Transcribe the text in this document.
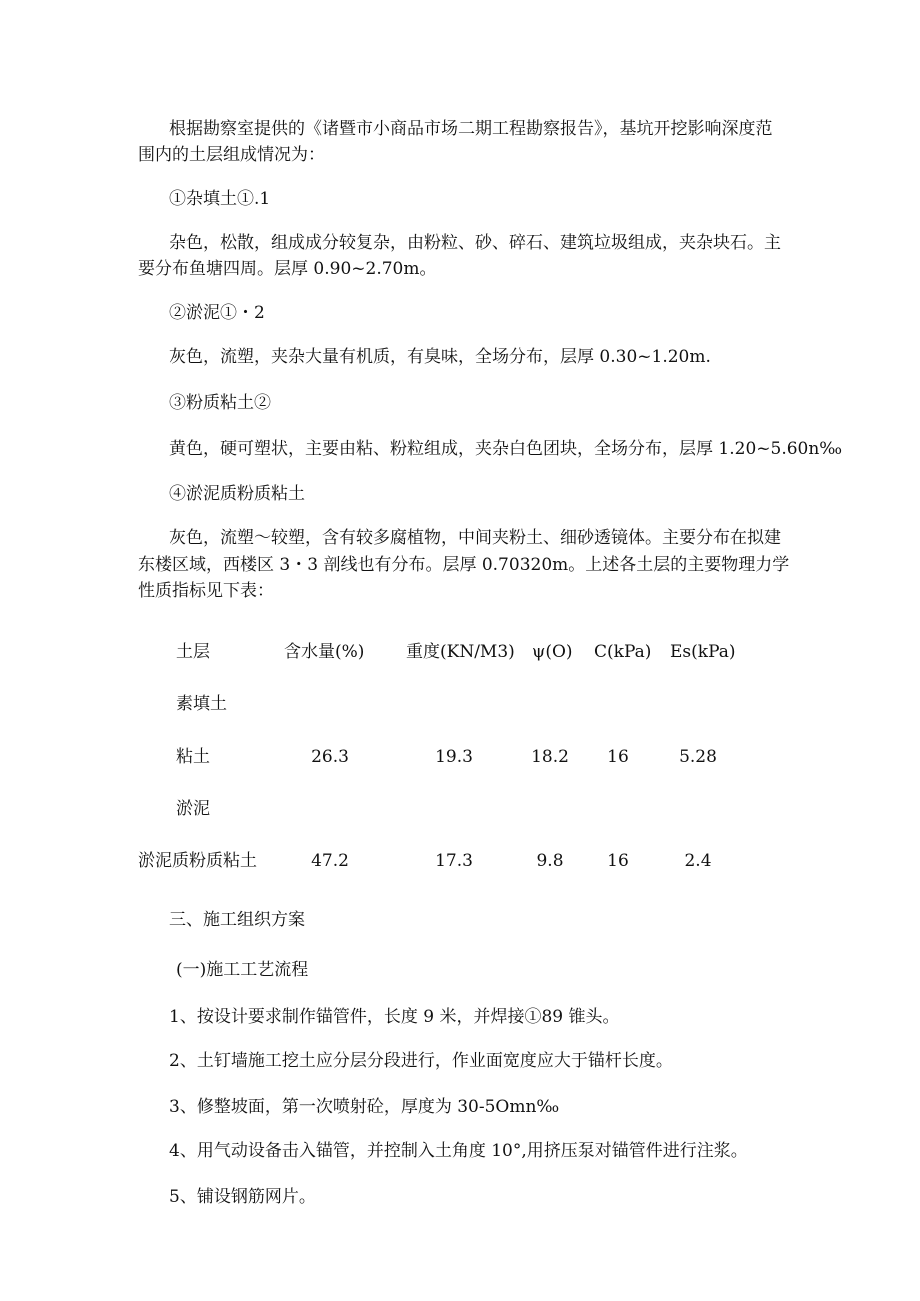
根据勘察室提供的《诸暨市小商品市场二期工程勘察报告》，基坑开挖影响深度范
围内的土层组成情况为：
①杂填土①.1
杂色，松散，组成成分较复杂，由粉粒、砂、碎石、建筑垃圾组成，夹杂块石。主
要分布鱼塘四周。层厚 0.90~2.70m。
②淤泥①・2
灰色，流塑，夹杂大量有机质，有臭味，全场分布，层厚 0.30~1.20m.
③粉质粘土②
黄色，硬可塑状，主要由粘、粉粒组成，夹杂白色团块，全场分布，层厚 1.20~5.60n‰
④淤泥质粉质粘土
灰色，流塑～较塑，含有较多腐植物，中间夹粉土、细砂透镜体。主要分布在拟建
东楼区域，西楼区 3・3 剖线也有分布。层厚 0.70320m。上述各土层的主要物理力学
性质指标见下表：
土层	含水量(%) 重度(KN/M3) ψ(O) C(kPa) Es(kPa)
素填土
粘土	26.3	19.3	18.2	16	5.28
淤泥
淤泥质粉质粘土	47.2	17.3	9.8	16	2.4
三、施工组织方案
(一)施工工艺流程
1、按设计要求制作锚管件，长度 9 米，并焊接①89 锥头。
2、土钉墙施工挖土应分层分段进行，作业面宽度应大于锚杆长度。
3、修整坡面，第一次喷射砼，厚度为 30-5Omn‰
4、用气动设备击入锚管，并控制入土角度 10°,用挤压泵对锚管件进行注浆。
5、铺设钢筋网片。
